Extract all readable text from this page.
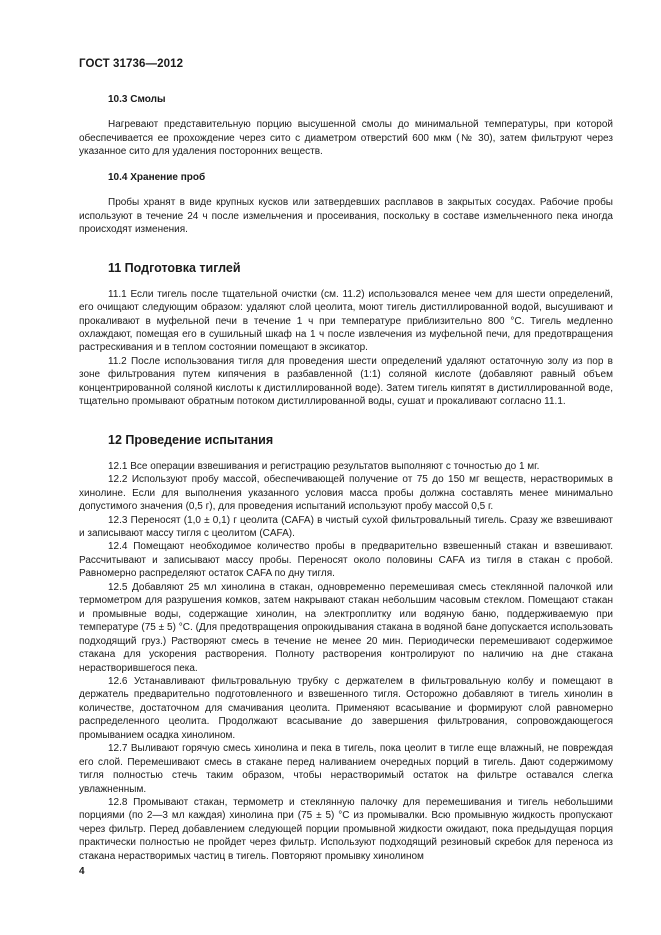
ГОСТ 31736—2012
10.3 Смолы

Нагревают представительную порцию высушенной смолы до минимальной температуры, при которой обеспечивается ее прохождение через сито с диаметром отверстий 600 мкм (№ 30), затем фильтруют через указанное сито для удаления посторонних веществ.

10.4 Хранение проб

Пробы хранят в виде крупных кусков или затвердевших расплавов в закрытых сосудах. Рабочие пробы используют в течение 24 ч после измельчения и просеивания, поскольку в составе измельченного пека иногда происходят изменения.

11 Подготовка тиглей

11.1 Если тигель после тщательной очистки (см. 11.2) использовался менее чем для шести определений, его очищают следующим образом: удаляют слой цеолита, моют тигель дистиллированной водой, высушивают и прокаливают в муфельной печи в течение 1 ч при температуре приблизительно 800 °С. Тигель медленно охлаждают, помещая его в сушильный шкаф на 1 ч после извлечения из муфельной печи, для предотвращения растрескивания и в теплом состоянии помещают в эксикатор.

11.2 После использования тигля для проведения шести определений удаляют остаточную золу из пор в зоне фильтрования путем кипячения в разбавленной (1:1) соляной кислоте (добавляют равный объем концентрированной соляной кислоты к дистиллированной воде). Затем тигель кипятят в дистиллированной воде, тщательно промывают обратным потоком дистиллированной воды, сушат и прокаливают согласно 11.1.

12 Проведение испытания

12.1 Все операции взвешивания и регистрацию результатов выполняют с точностью до 1 мг.

12.2 Используют пробу массой, обеспечивающей получение от 75 до 150 мг веществ, нерастворимых в хинолине. Если для выполнения указанного условия масса пробы должна составлять менее минимально допустимого значения (0,5 г), для проведения испытаний используют пробу массой 0,5 г.

12.3 Переносят (1,0 ± 0,1) г цеолита (CAFA) в чистый сухой фильтровальный тигель. Сразу же взвешивают и записывают массу тигля с цеолитом (CAFA).

12.4 Помещают необходимое количество пробы в предварительно взвешенный стакан и взвешивают. Рассчитывают и записывают массу пробы. Переносят около половины CAFA из тигля в стакан с пробой. Равномерно распределяют остаток CAFA по дну тигля.

12.5 Добавляют 25 мл хинолина в стакан, одновременно перемешивая смесь стеклянной палочкой или термометром для разрушения комков, затем накрывают стакан небольшим часовым стеклом. Помещают стакан и промывные воды, содержащие хинолин, на электроплитку или водяную баню, поддерживаемую при температуре (75 ± 5) °С. (Для предотвращения опрокидывания стакана в водяной бане допускается использовать подходящий груз.) Растворяют смесь в течение не менее 20 мин. Периодически перемешивают содержимое стакана для ускорения растворения. Полноту растворения контролируют по наличию на дне стакана нерастворившегося пека.

12.6 Устанавливают фильтровальную трубку с держателем в фильтровальную колбу и помещают в держатель предварительно подготовленного и взвешенного тигля. Осторожно добавляют в тигель хинолин в количестве, достаточном для смачивания цеолита. Применяют всасывание и формируют слой равномерно распределенного цеолита. Продолжают всасывание до завершения фильтрования, сопровождающегося промыванием осадка хинолином.

12.7 Выливают горячую смесь хинолина и пека в тигель, пока цеолит в тигле еще влажный, не повреждая его слой. Перемешивают смесь в стакане перед наливанием очередных порций в тигель. Дают содержимому тигля полностью стечь таким образом, чтобы нерастворимый остаток на фильтре оставался слегка увлажненным.

12.8 Промывают стакан, термометр и стеклянную палочку для перемешивания и тигель небольшими порциями (по 2—3 мл каждая) хинолина при (75 ± 5) °С из промывалки. Всю промывную жидкость пропускают через фильтр. Перед добавлением следующей порции промывной жидкости ожидают, пока предыдущая порция практически полностью не пройдет через фильтр. Используют подходящий резиновый скребок для переноса из стакана нерастворимых частиц в тигель. Повторяют промывку хинолином

4
